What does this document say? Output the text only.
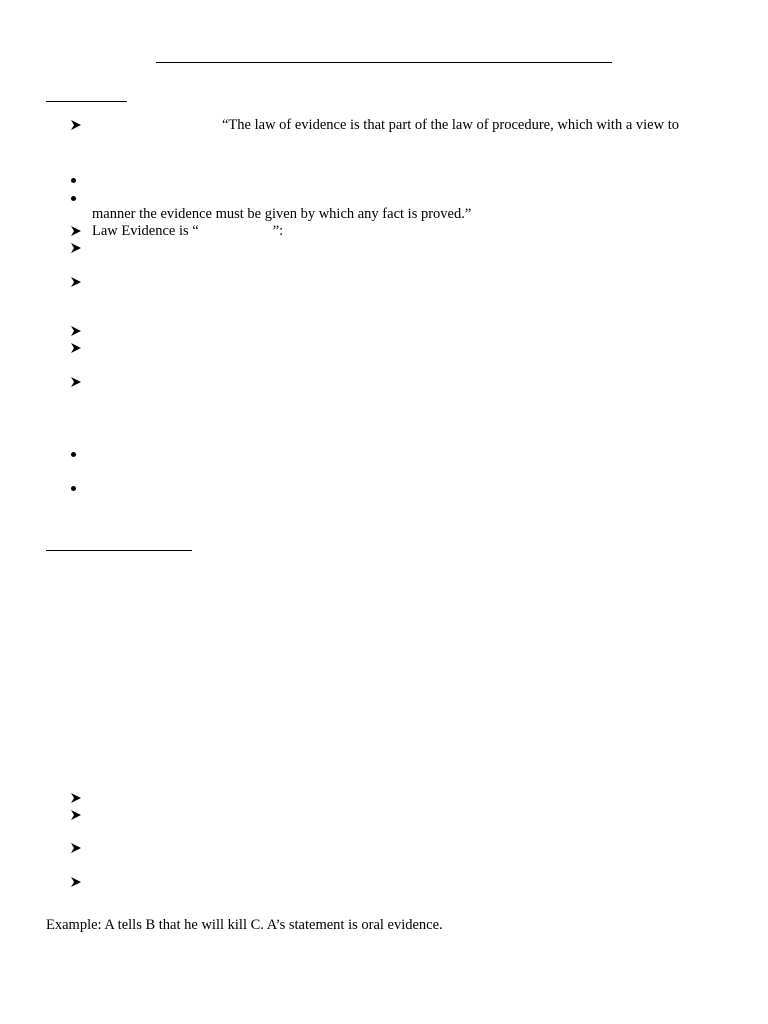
“The law of evidence is that part of the law of procedure, which with a view to
manner the evidence must be given by which any fact is proved.”
Law Evidence is “	”:
Example: A tells B that he will kill C. A’s statement is oral evidence.
